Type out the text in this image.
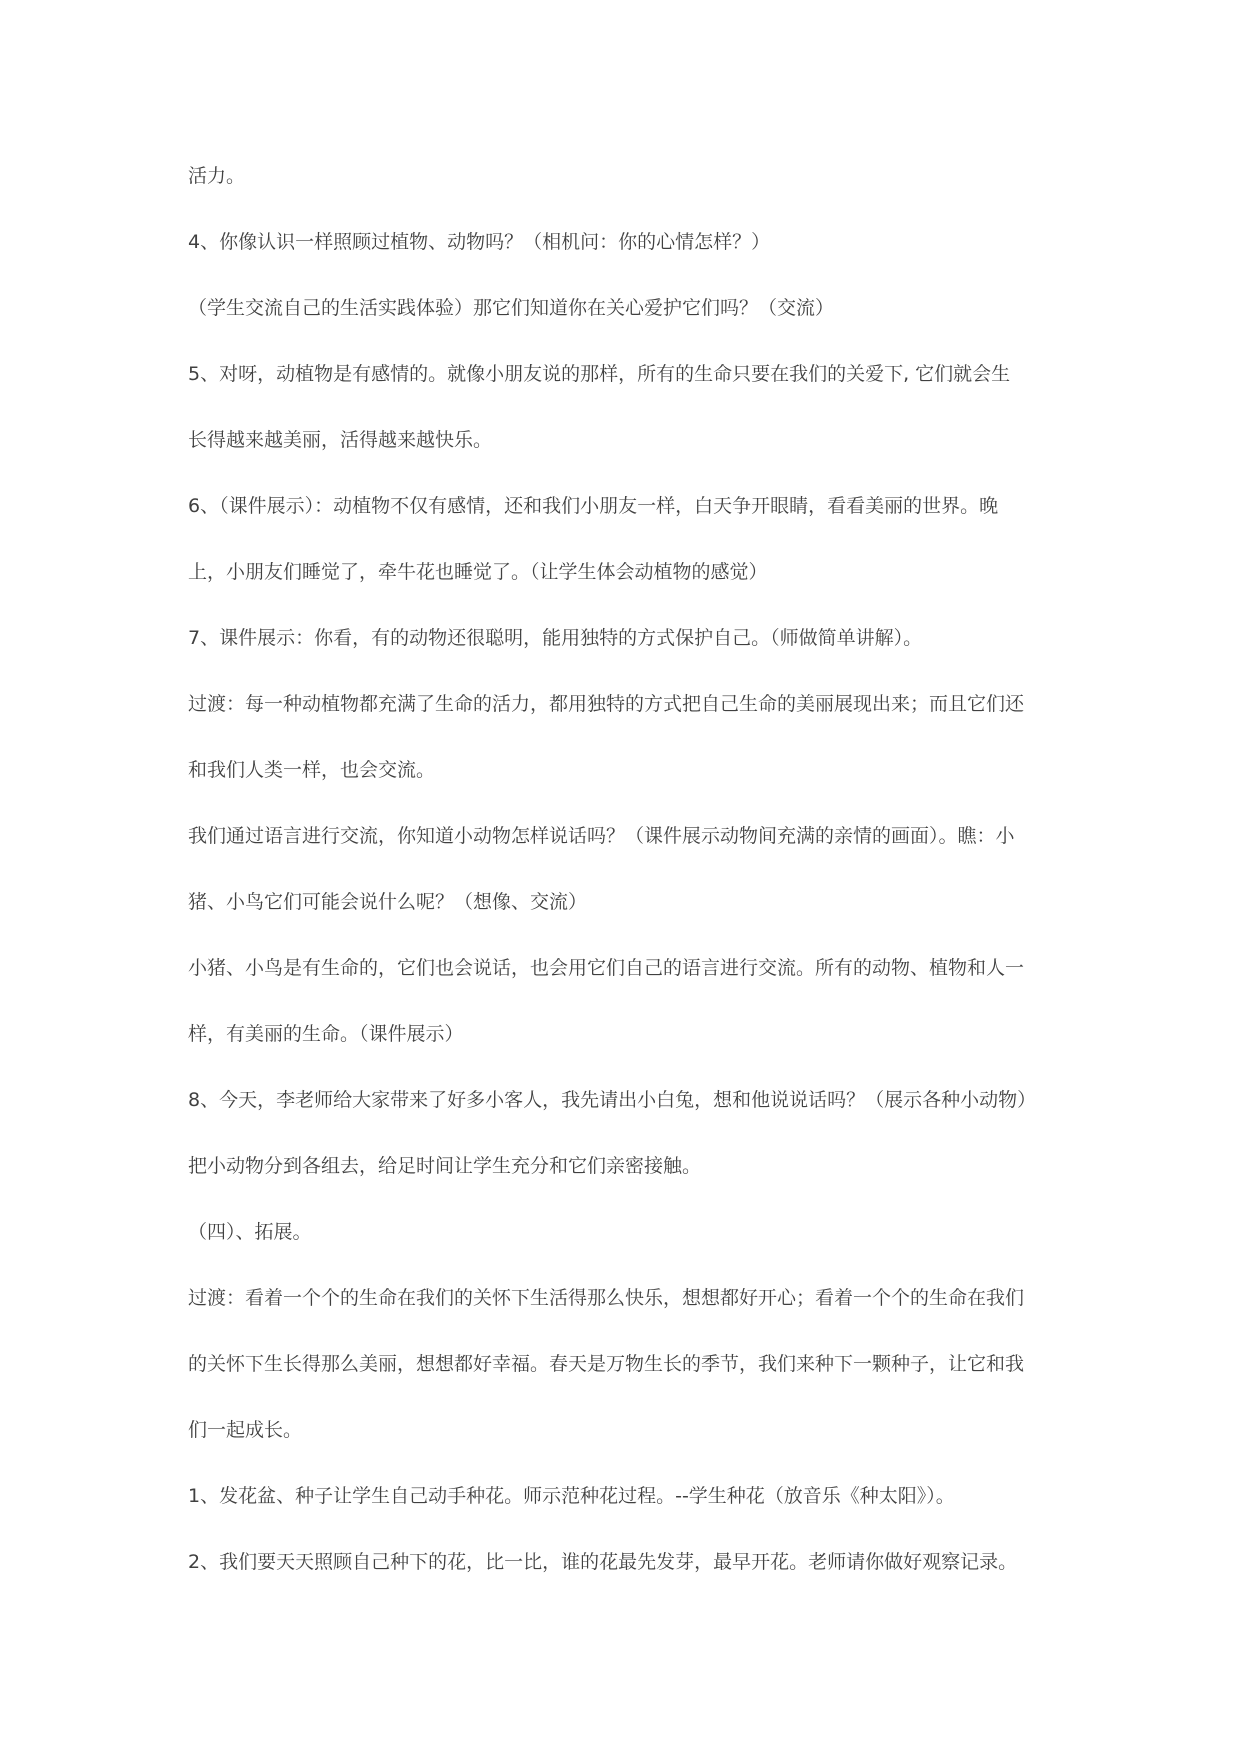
活力。
4、你像认识一样照顾过植物、动物吗？（相机问：你的心情怎样？）
（学生交流自己的生活实践体验）那它们知道你在关心爱护它们吗？（交流）
5、对呀，动植物是有感情的。就像小朋友说的那样，所有的生命只要在我们的关爱下, 它们就会生
长得越来越美丽，活得越来越快乐。
6、（课件展示）：动植物不仅有感情，还和我们小朋友一样，白天争开眼睛，看看美丽的世界。晚
上，小朋友们睡觉了，牵牛花也睡觉了。（让学生体会动植物的感觉）
7、课件展示：你看，有的动物还很聪明，能用独特的方式保护自己。（师做简单讲解）。
过渡：每一种动植物都充满了生命的活力，都用独特的方式把自己生命的美丽展现出来；而且它们还
和我们人类一样，也会交流。
我们通过语言进行交流，你知道小动物怎样说话吗？（课件展示动物间充满的亲情的画面）。瞧：小
猪、小鸟它们可能会说什么呢？（想像、交流）
小猪、小鸟是有生命的，它们也会说话，也会用它们自己的语言进行交流。所有的动物、植物和人一
样，有美丽的生命。（课件展示）
8、今天，李老师给大家带来了好多小客人，我先请出小白兔，想和他说说话吗？（展示各种小动物）
把小动物分到各组去，给足时间让学生充分和它们亲密接触。
（四）、拓展。
过渡：看着一个个的生命在我们的关怀下生活得那么快乐，想想都好开心；看着一个个的生命在我们
的关怀下生长得那么美丽，想想都好幸福。春天是万物生长的季节，我们来种下一颗种子，让它和我
们一起成长。
1、发花盆、种子让学生自己动手种花。师示范种花过程。--学生种花（放音乐《种太阳》）。
2、我们要天天照顾自己种下的花，比一比，谁的花最先发芽，最早开花。老师请你做好观察记录。
